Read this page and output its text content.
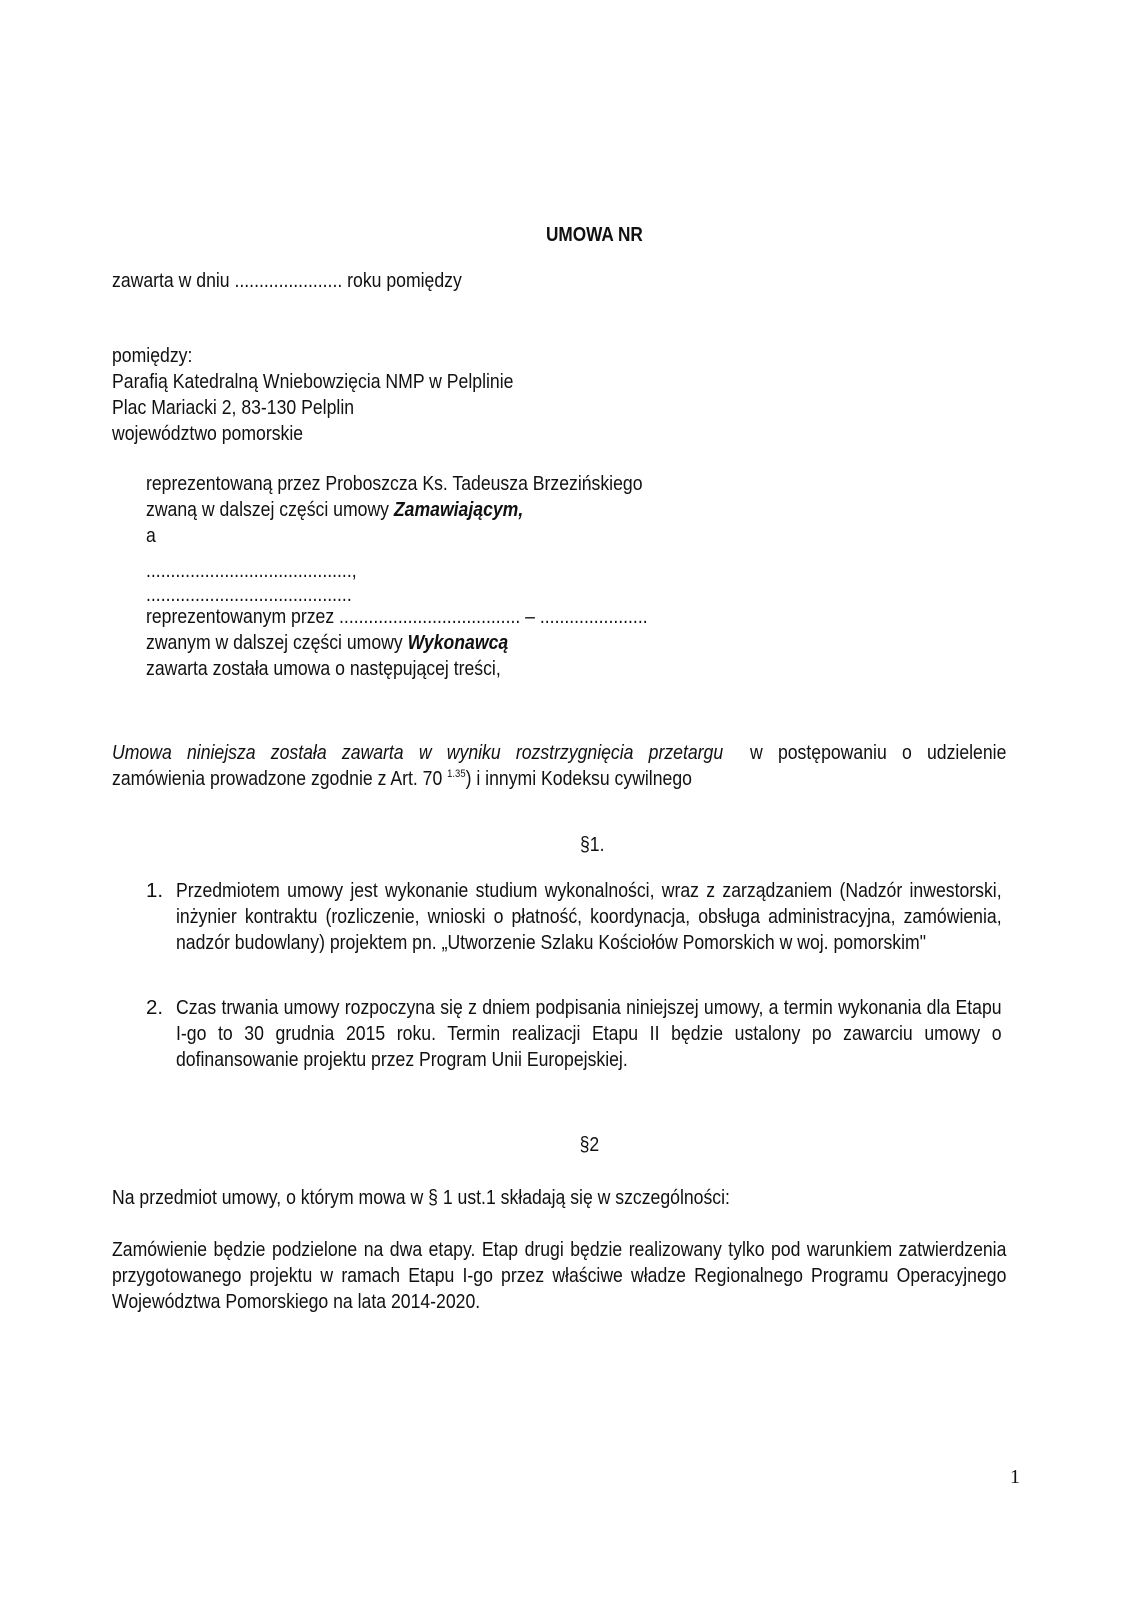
UMOWA NR
zawarta w dniu ...................... roku pomiędzy
pomiędzy:
Parafią Katedralną Wniebowzięcia NMP w Pelplinie
Plac Mariacki 2, 83-130 Pelplin
województwo pomorskie
reprezentowaną przez Proboszcza Ks. Tadeusza Brzezińskiego
zwaną w dalszej części umowy Zamawiającym,
a
..........................................,
..........................................
reprezentowanym przez ..................................... – ......................
zwanym w dalszej części umowy Wykonawcą
zawarta została umowa o następującej treści,
Umowa niniejsza została zawarta w wyniku rozstrzygnięcia przetargu w postępowaniu o udzielenie
zamówienia prowadzone zgodnie z Art. 70 $^{1.35}$) i innymi Kodeksu cywilnego
§1.
1. Przedmiotem umowy jest wykonanie studium wykonalności, wraz z zarządzaniem (Nadzór inwestorski, inżynier kontraktu (rozliczenie, wnioski o płatność, koordynacja, obsługa administracyjna, zamówienia, nadzór budowlany) projektem pn. „Utworzenie Szlaku Kościołów Pomorskich w woj. pomorskim"
2. Czas trwania umowy rozpoczyna się z dniem podpisania niniejszej umowy, a termin wykonania dla Etapu I-go to 30 grudnia 2015 roku. Termin realizacji Etapu II będzie ustalony po zawarciu umowy o dofinansowanie projektu przez Program Unii Europejskiej.
§2
Na przedmiot umowy, o którym mowa w § 1 ust.1 składają się w szczególności:
Zamówienie będzie podzielone na dwa etapy. Etap drugi będzie realizowany tylko pod warunkiem zatwierdzenia przygotowanego projektu w ramach Etapu I-go przez właściwe władze Regionalnego Programu Operacyjnego Województwa Pomorskiego na lata 2014-2020.
1
